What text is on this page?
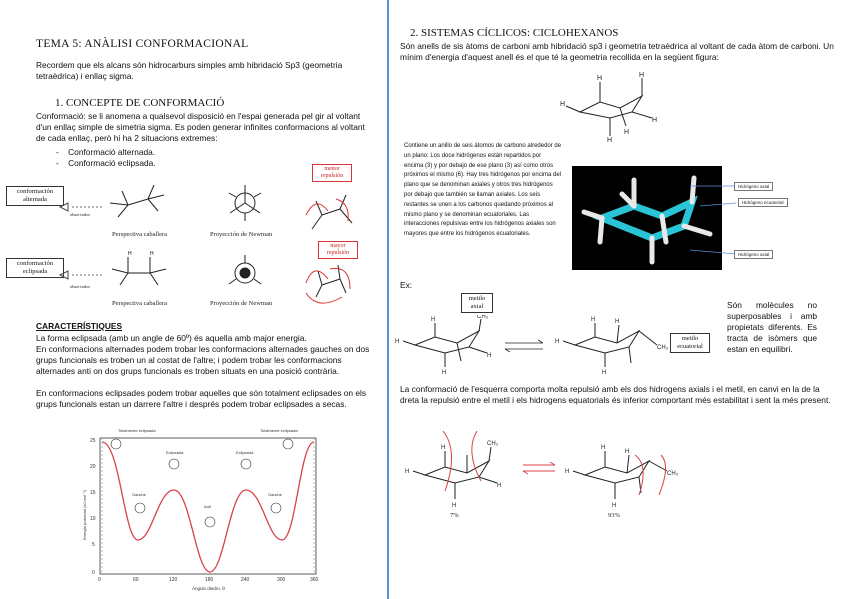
TEMA 5: ANÀLISI CONFORMACIONAL
Recordem que els alcans són hidrocarburs simples amb hibridació Sp3 (geometria tetraèdrica) i enllaç sigma.
1. CONCEPTE DE CONFORMACIÓ
Conformació: se li anomena a qualsevol disposició en l'espai generada pel gir al voltant d'un enllaç simple de simetria sigma. Es poden generar infinites conformacions al voltant de cada enllaç, però hi ha 2 situacions extremes:
-    Conformació alternada.
-    Conformació eclipsada.
conformación alternada
conformación eclipsada
menor repulsión
mayor repulsión
observador
observador
Perspectiva caballera	Proyección de Newman
Perspectiva caballera	Proyección de Newman
H	H
CARACTERÍSTIQUES
La forma eclipsada (amb un angle de 60º) és aquella amb major energia.
En conformacions alternades podem trobar les conformacions alternades gauches on dos grups funcionals es troben un al costat de l'altre; i podem trobar les conformacions alternades anti on dos grups funcionals es troben situats en una posició contrària.
En conformacions eclipsades podem trobar aquelles que són totalment eclipsades on els grups funcionals estan un darrere l'altre i després podem trobar eclipsades a secas.
25
20
15
10
5
0
0	60	120	180	240	300	360
Ángulo diedro, θ
Energía potencial (kJ mol⁻¹)
Totalmente eclipsada
Eclipsada
Gauche
Anti
Eclipsada
Gauche
Totalmente eclipsada
2. SISTEMAS CÍCLICOS: CICLOHEXANOS
Són anells de sis àtoms de carboni amb hibridació sp3 i geometria tetraèdrica al voltant de cada àtom de carboni. Un mínim d'energia d'aquest anell és el que té la geometria recollida en la següent figura:
H	H
H
H
H
H
Contiene un anillo de seis átomos de carbono alrededor de un plano: Los doce hidrógenos están repartidos por encima (3) y por debajo de ese plano (3) así como otros próximos el mismo (6). Hay tres hidrógenos por encima del plano que se denominan axiales y otros tres hidrógenos por debajo que también se llaman axiales. Los seis restantes se unen a los carbonos quedando próximos al mismo plano y se denominan ecuatoriales. Las interacciones repulsivas entre los hidrógenos axiales son mayores que entre los hidrógenos ecuatoriales.
Hidrógeno axial
Hidrógeno ecuatorial
Hidrógeno axial
Ex:
metilo axial
metilo ecuatorial
CH₃
CH₃
H
H
H
H
H
H
H
H
Són molècules no superposables i amb propietats diferents. Es tracta de isòmers que estan en equilibri.
La conformació de l'esquerra comporta molta repulsió amb els dos hidrogens axials i el metil, en canvi en la de la dreta la repulsió entre el metil i els hidrogens equatorials és inferior comportant més estabilitat i sent la més present.
CH₃
CH₃
H
H
H
H
H
H
H
H
7%	93%
